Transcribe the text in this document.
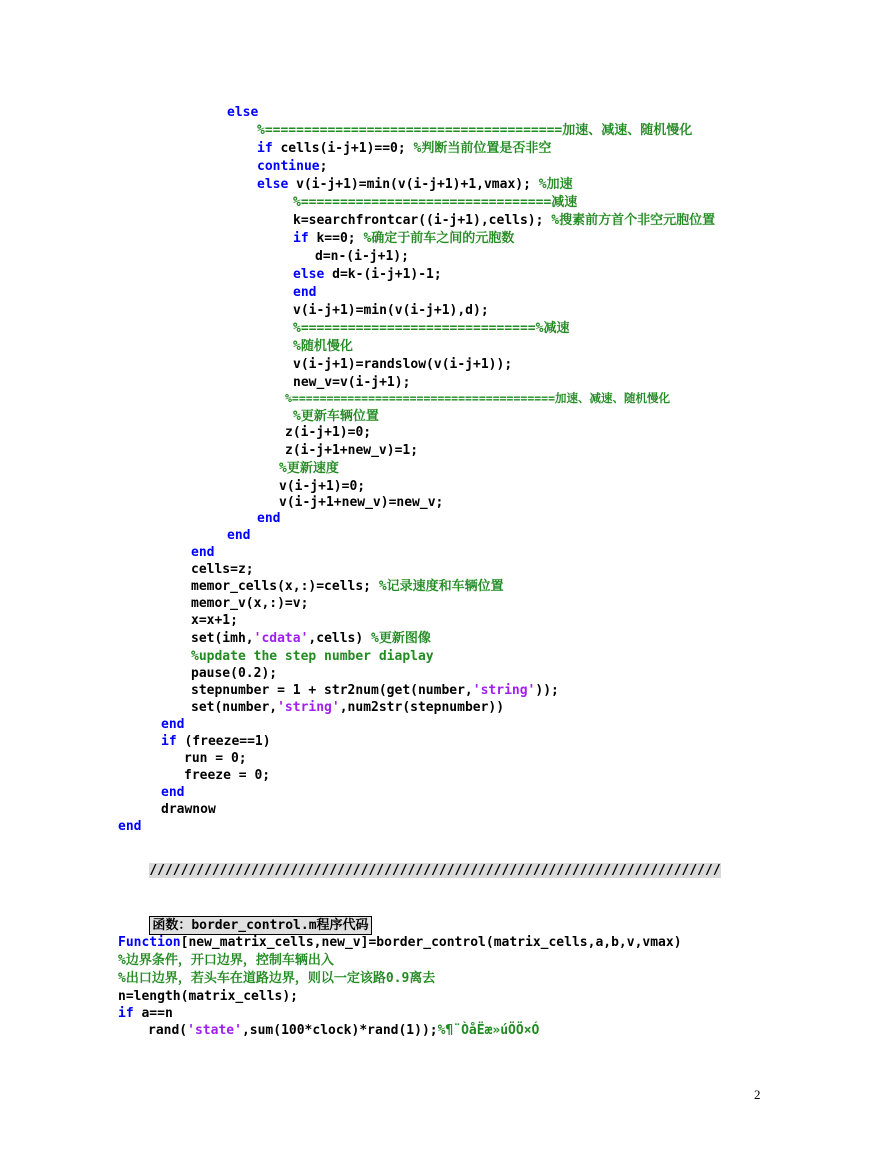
else
%======================================加速、减速、随机慢化
if cells(i-j+1)==0; %判断当前位置是否非空
continue;
else v(i-j+1)=min(v(i-j+1)+1,vmax); %加速
%================================减速
k=searchfrontcar((i-j+1),cells); %搜素前方首个非空元胞位置
if k==0; %确定于前车之间的元胞数
d=n-(i-j+1);
else d=k-(i-j+1)-1;
end
v(i-j+1)=min(v(i-j+1),d);
%==============================%减速
%随机慢化
v(i-j+1)=randslow(v(i-j+1));
new_v=v(i-j+1);
%======================================加速、减速、随机慢化
%更新车辆位置
z(i-j+1)=0;
z(i-j+1+new_v)=1;
%更新速度
v(i-j+1)=0;
v(i-j+1+new_v)=new_v;
end
end
end
cells=z;
memor_cells(x,:)=cells; %记录速度和车辆位置
memor_v(x,:)=v;
x=x+1;
set(imh,'cdata',cells) %更新图像
%update the step number diaplay
pause(0.2);
stepnumber = 1 + str2num(get(number,'string'));
set(number,'string',num2str(stepnumber))
end
if (freeze==1)
run = 0;
freeze = 0;
end
drawnow
end

/////////////////////////////////////////////////////////////////////////

函数：border_control.m程序代码

Function[new_matrix_cells,new_v]=border_control(matrix_cells,a,b,v,vmax)
%边界条件，开口边界，控制车辆出入
%出口边界，若头车在道路边界，则以一定该路0.9离去
n=length(matrix_cells);
if a==n
rand('state',sum(100*clock)*rand(1));%¶¨ÒåËæ»úÖÖ×Ó
2
